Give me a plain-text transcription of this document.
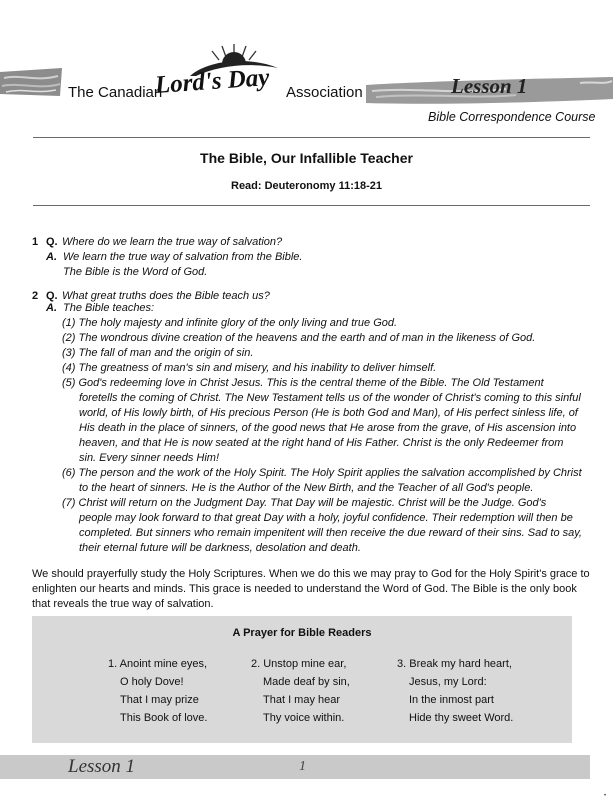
The Canadian
Lord's Day Association	Lesson 1
Bible Correspondence Course
The Bible, Our Infallible Teacher
Read: Deuteronomy 11:18-21
1 Q. Where do we learn the true way of salvation?
A. We learn the true way of salvation from the Bible.
The Bible is the Word of God.
2 Q. What great truths does the Bible teach us?
A. The Bible teaches:
(1) The holy majesty and infinite glory of the only living and true God.
(2) The wondrous divine creation of the heavens and the earth and of man in the likeness of God.
(3) The fall of man and the origin of sin.
(4) The greatness of man's sin and misery, and his inability to deliver himself.
(5) God's redeeming love in Christ Jesus. This is the central theme of the Bible. The Old Testament foretells the coming of Christ. The New Testament tells us of the wonder of Christ's coming to this sinful world, of His lowly birth, of His precious Person (He is both God and Man), of His perfect sinless life, of His death in the place of sinners, of the good news that He arose from the grave, of His ascension into heaven, and that He is now seated at the right hand of His Father. Christ is the only Redeemer from sin. Every sinner needs Him!
(6) The person and the work of the Holy Spirit. The Holy Spirit applies the salvation accomplished by Christ to the heart of sinners. He is the Author of the New Birth, and the Teacher of all God's people.
(7) Christ will return on the Judgment Day. That Day will be majestic. Christ will be the Judge. God's people may look forward to that great Day with a holy, joyful confidence. Their redemption will then be completed. But sinners who remain impenitent will then receive the due reward of their sins. Sad to say, their eternal future will be darkness, desolation and death.

We should prayerfully study the Holy Scriptures. When we do this we may pray to God for the Holy Spirit's grace to enlighten our hearts and minds. This grace is needed to understand the Word of God. The Bible is the only book that reveals the true way of salvation.

A Prayer for Bible Readers
1. Anoint mine eyes,
O holy Dove!
That I may prize
This Book of love.
2. Unstop mine ear,
Made deaf by sin,
That I may hear
Thy voice within.
3. Break my hard heart,
Jesus, my Lord:
In the inmost part
Hide thy sweet Word.
Lesson 1	1
•
